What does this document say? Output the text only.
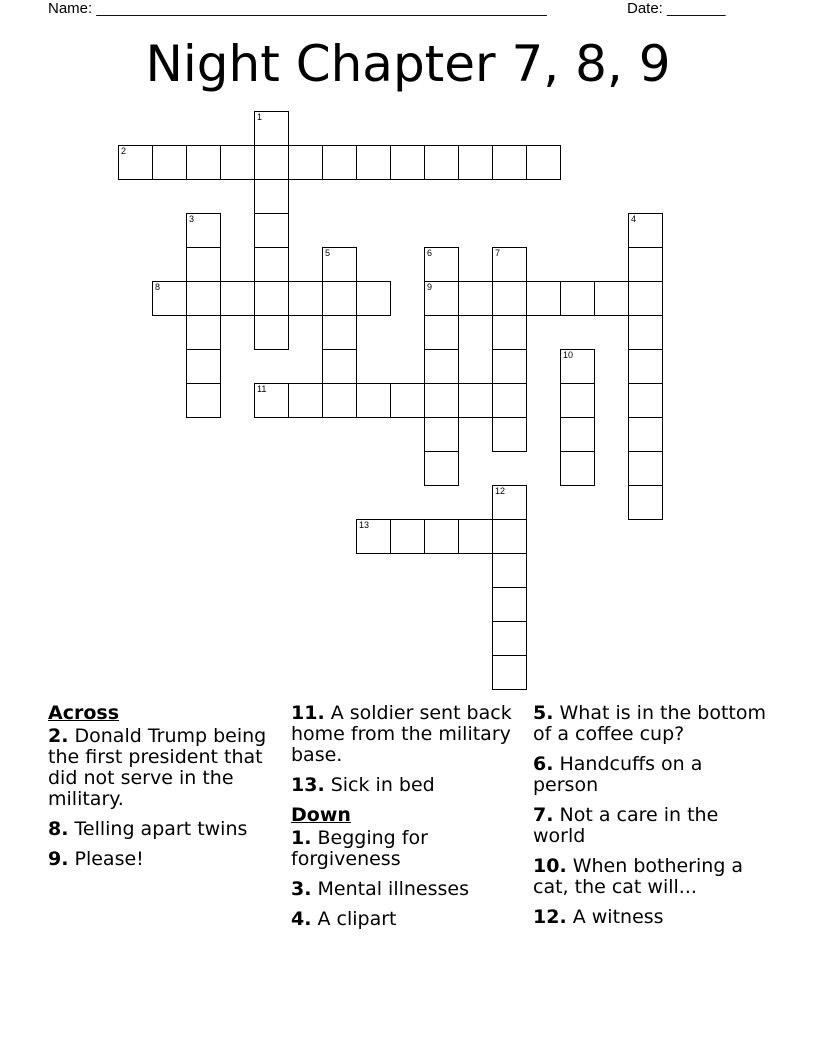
Name: ______________________________________________________	Date: _______
Night Chapter 7, 8, 9
1
2
3	4
5	6
9
7
8
10
11
12
13
Across
2. Donald Trump being the first president that did not serve in the military.
8. Telling apart twins
9. Please!
11. A soldier sent back home from the military base.
13. Sick in bed
Down
1. Begging for forgiveness
3. Mental illnesses
4. A clipart
5. What is in the bottom of a coffee cup?
6. Handcuffs on a person
7. Not a care in the world
10. When bothering a cat, the cat will...
12. A witness
